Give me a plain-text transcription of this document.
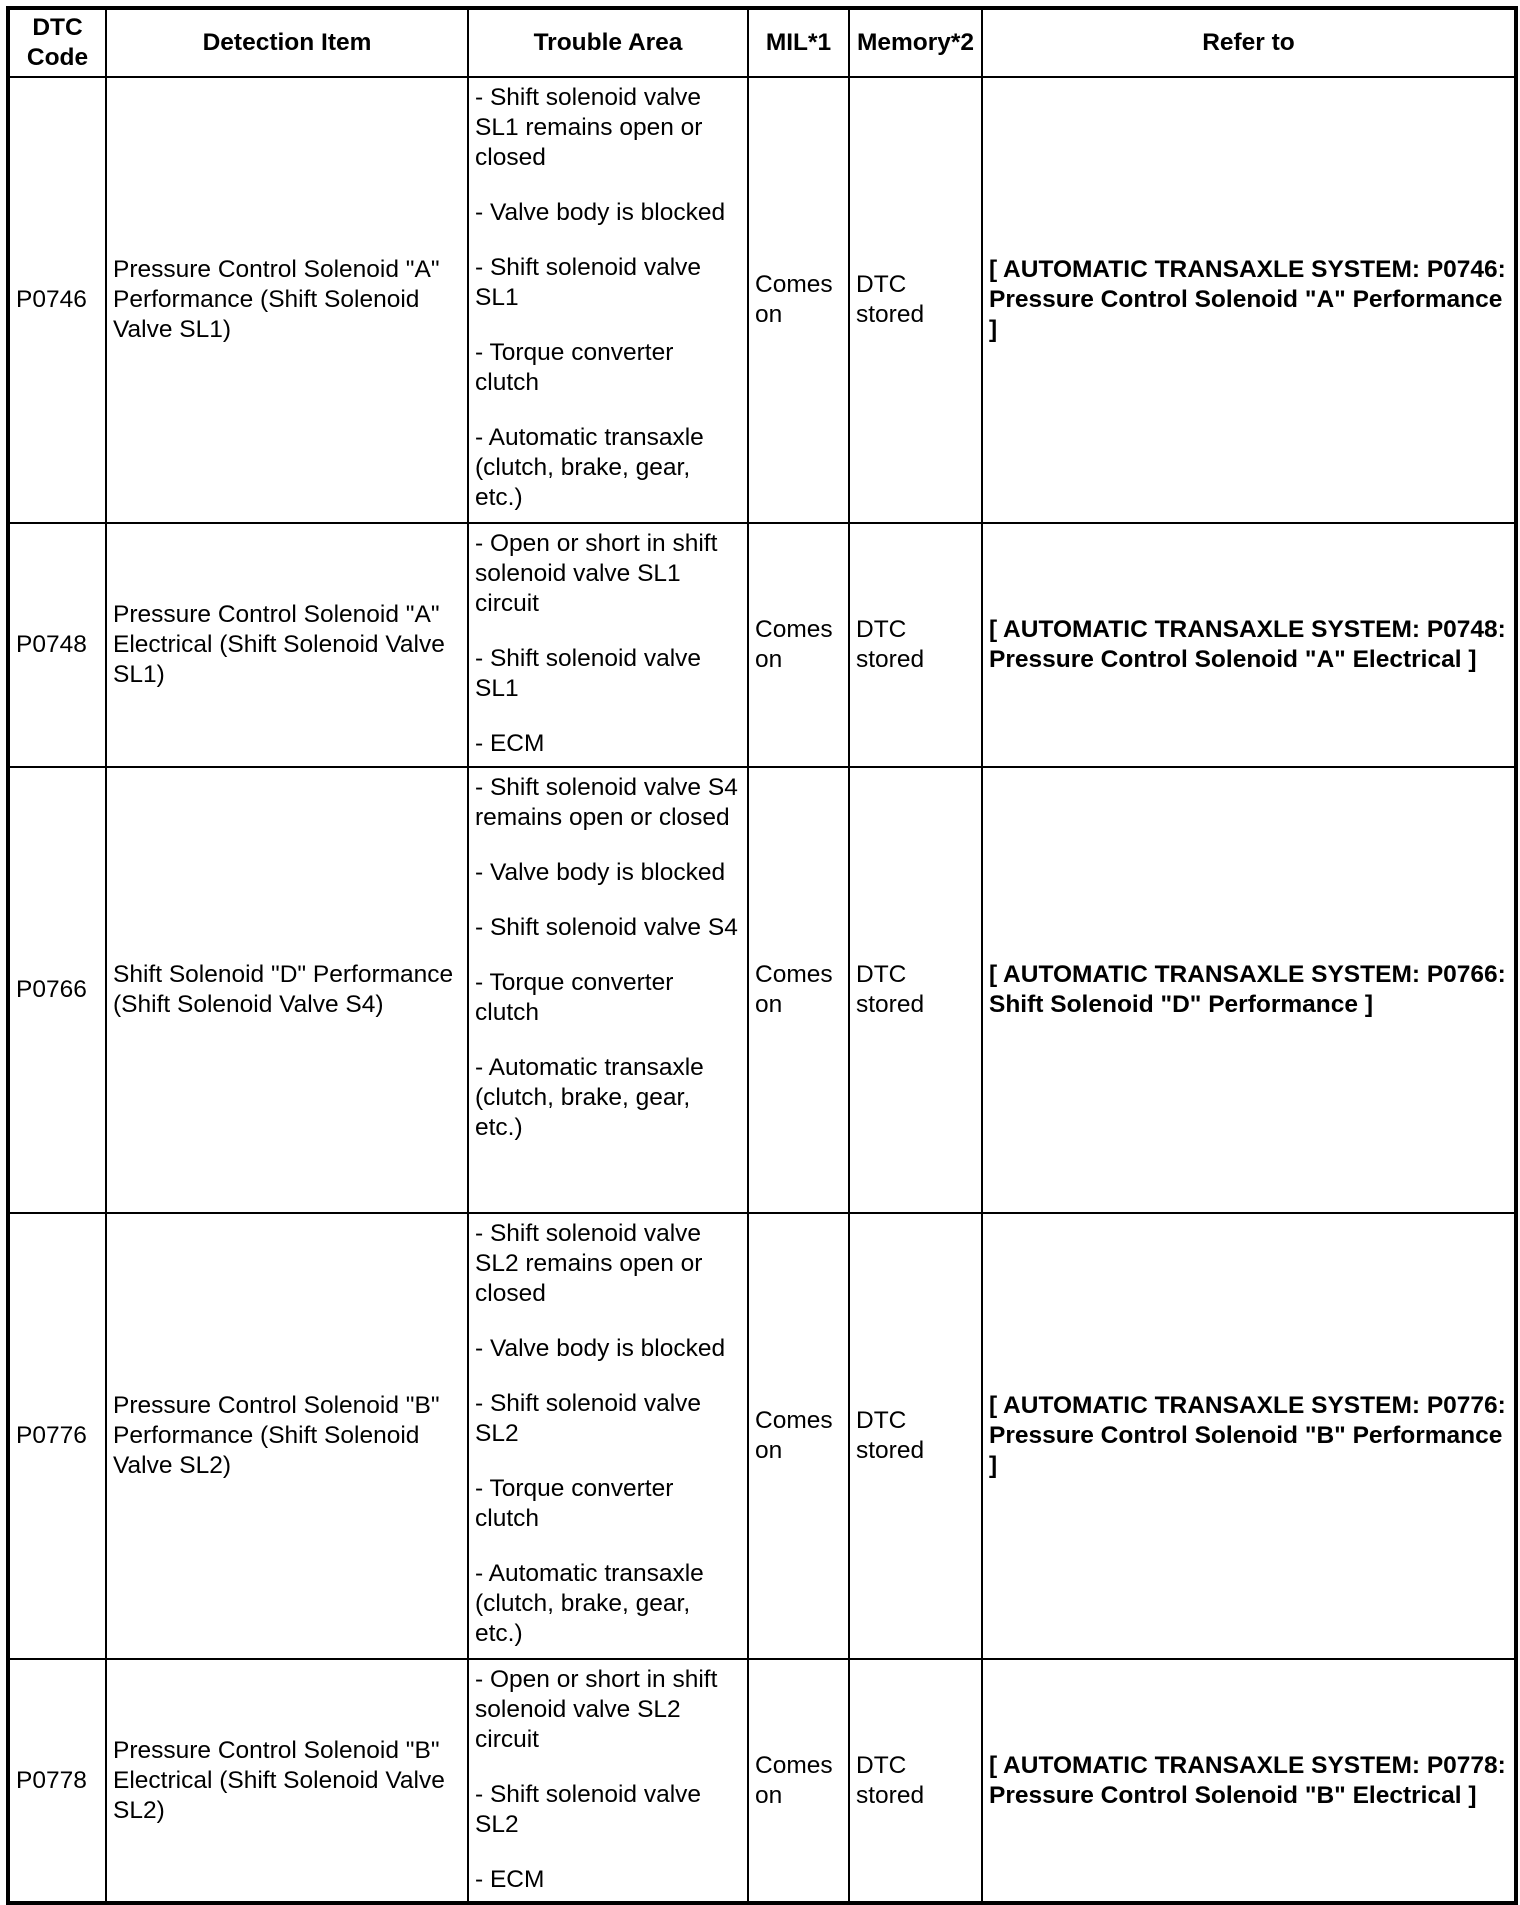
DTC
Code	Detection Item	Trouble Area	MIL*1	Memory*2	Refer to
P0746	Pressure Control Solenoid "A" Performance (Shift Solenoid Valve SL1)	- Shift solenoid valve SL1 remains open or closed
- Valve body is blocked
- Shift solenoid valve SL1
- Torque converter clutch
- Automatic transaxle (clutch, brake, gear, etc.)	Comes on	DTC stored	[ AUTOMATIC TRANSAXLE SYSTEM: P0746: Pressure Control Solenoid "A" Performance ]
P0748	Pressure Control Solenoid "A" Electrical (Shift Solenoid Valve SL1)	- Open or short in shift solenoid valve SL1 circuit
- Shift solenoid valve SL1
- ECM	Comes on	DTC stored	[ AUTOMATIC TRANSAXLE SYSTEM: P0748: Pressure Control Solenoid "A" Electrical ]
P0766	Shift Solenoid "D" Performance (Shift Solenoid Valve S4)	- Shift solenoid valve S4 remains open or closed
- Valve body is blocked
- Shift solenoid valve S4
- Torque converter clutch
- Automatic transaxle (clutch, brake, gear, etc.)	Comes on	DTC stored	[ AUTOMATIC TRANSAXLE SYSTEM: P0766: Shift Solenoid "D" Performance ]
P0776	Pressure Control Solenoid "B" Performance (Shift Solenoid Valve SL2)	- Shift solenoid valve SL2 remains open or closed
- Valve body is blocked
- Shift solenoid valve SL2
- Torque converter clutch
- Automatic transaxle (clutch, brake, gear, etc.)	Comes on	DTC stored	[ AUTOMATIC TRANSAXLE SYSTEM: P0776: Pressure Control Solenoid "B" Performance ]
P0778	Pressure Control Solenoid "B" Electrical (Shift Solenoid Valve SL2)	- Open or short in shift solenoid valve SL2 circuit
- Shift solenoid valve SL2
- ECM	Comes on	DTC stored	[ AUTOMATIC TRANSAXLE SYSTEM: P0778: Pressure Control Solenoid "B" Electrical ]
